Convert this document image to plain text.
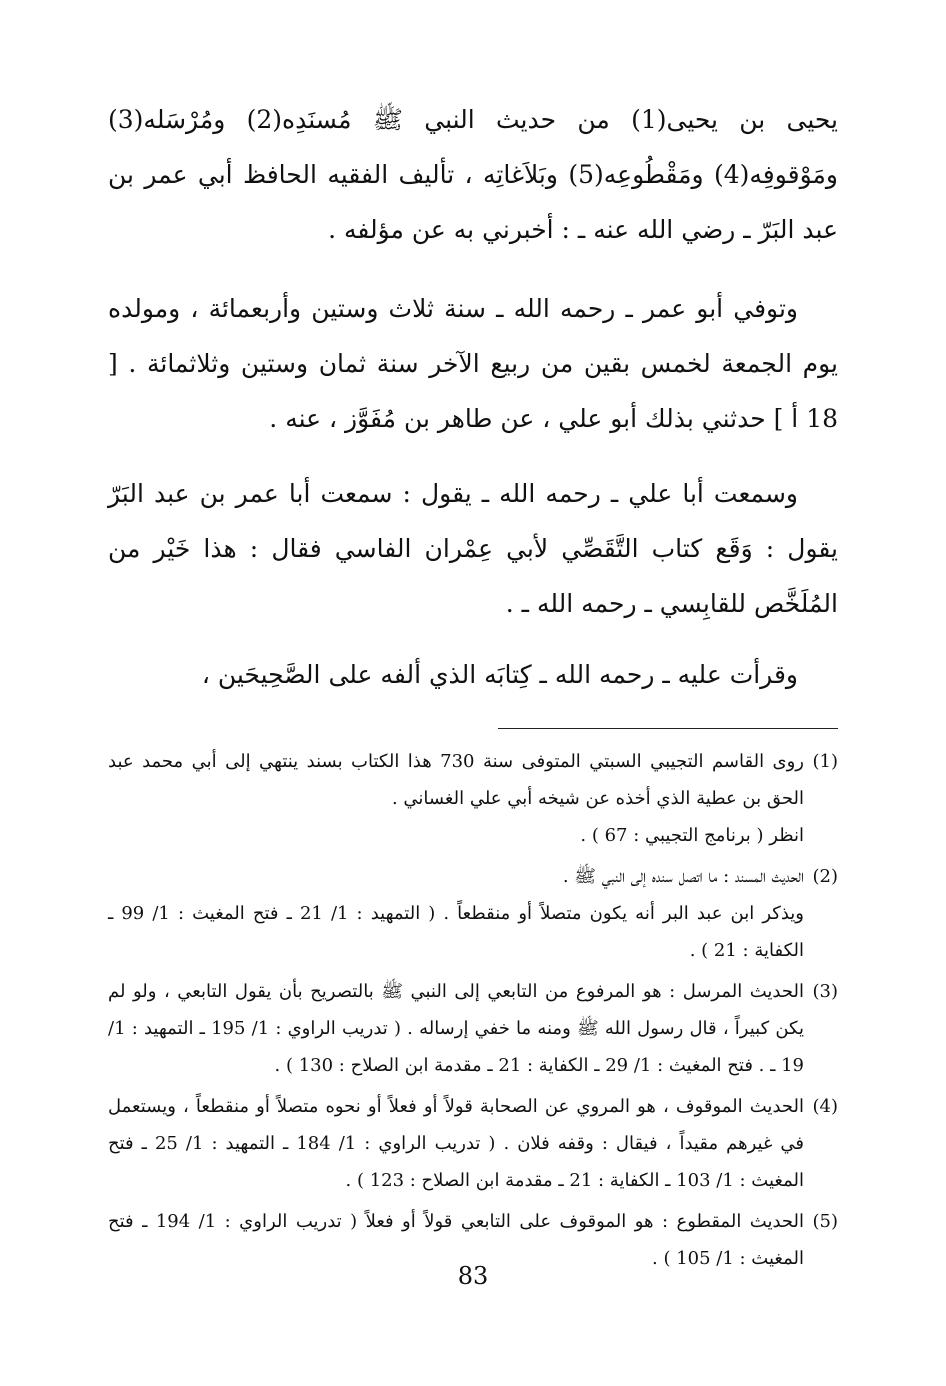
يحيى بن يحيى(1) من حديث النبي ﷺ مُسنَدِه(2) ومُرْسَله(3) ومَوْقوفِه(4) ومَقْطُوعِه(5) وبَلاَغاتِه ، تأليف الفقيه الحافظ أبي عمر بن عبد البَرّ ـ رضي الله عنه ـ : أخبرني به عن مؤلفه .

وتوفي أبو عمر ـ رحمه الله ـ سنة ثلاث وستين وأربعمائة ، ومولده يوم الجمعة لخمس بقين من ربيع الآخر سنة ثمان وستين وثلاثمائة . [ 18 أ ] حدثني بذلك أبو علي ، عن طاهر بن مُفَوَّز ، عنه .

وسمعت أبا علي ـ رحمه الله ـ يقول : سمعت أبا عمر بن عبد البَرّ يقول : وَقَع كتاب التَّقَصِّي لأبي عِمْران الفاسي فقال : هذا خَيْر من المُلَخَّص للقابِسي ـ رحمه الله ـ .

وقرأت عليه ـ رحمه الله ـ كِتابَه الذي ألفه على الصَّحِيحَين ،

(1)
روى القاسم التجيبي السبتي المتوفى سنة 730 هذا الكتاب بسند ينتهي إلى أبي محمد عبد الحق بن عطية الذي أخذه عن شيخه أبي علي الغساني .
انظر ( برنامج التجيبي : 67 ) .
(2)
الحديث المسند : ما اتصل سنده إلى النبي ﷺ .
ويذكر ابن عبد البر أنه يكون متصلاً أو منقطعاً . ( التمهيد : 1/ 21 ـ فتح المغيث : 1/ 99 ـ الكفاية : 21 ) .
(3)
الحديث المرسل : هو المرفوع من التابعي إلى النبي ﷺ بالتصريح بأن يقول التابعي ، ولو لم يكن كبيراً ، قال رسول الله ﷺ ومنه ما خفي إرساله . ( تدريب الراوي : 1/ 195 ـ التمهيد : 1/ 19 ـ . فتح المغيث : 1/ 29 ـ الكفاية : 21 ـ مقدمة ابن الصلاح : 130 ) .
(4)
الحديث الموقوف ، هو المروي عن الصحابة قولاً أو فعلاً أو نحوه متصلاً أو منقطعاً ، ويستعمل في غيرهم مقيداً ، فيقال : وقفه فلان . ( تدريب الراوي : 1/ 184 ـ التمهيد : 1/ 25 ـ فتح المغيث : 1/ 103 ـ الكفاية : 21 ـ مقدمة ابن الصلاح : 123 ) .
(5)
الحديث المقطوع : هو الموقوف على التابعي قولاً أو فعلاً ( تدريب الراوي : 1/ 194 ـ فتح المغيث : 1/ 105 ) .
83
